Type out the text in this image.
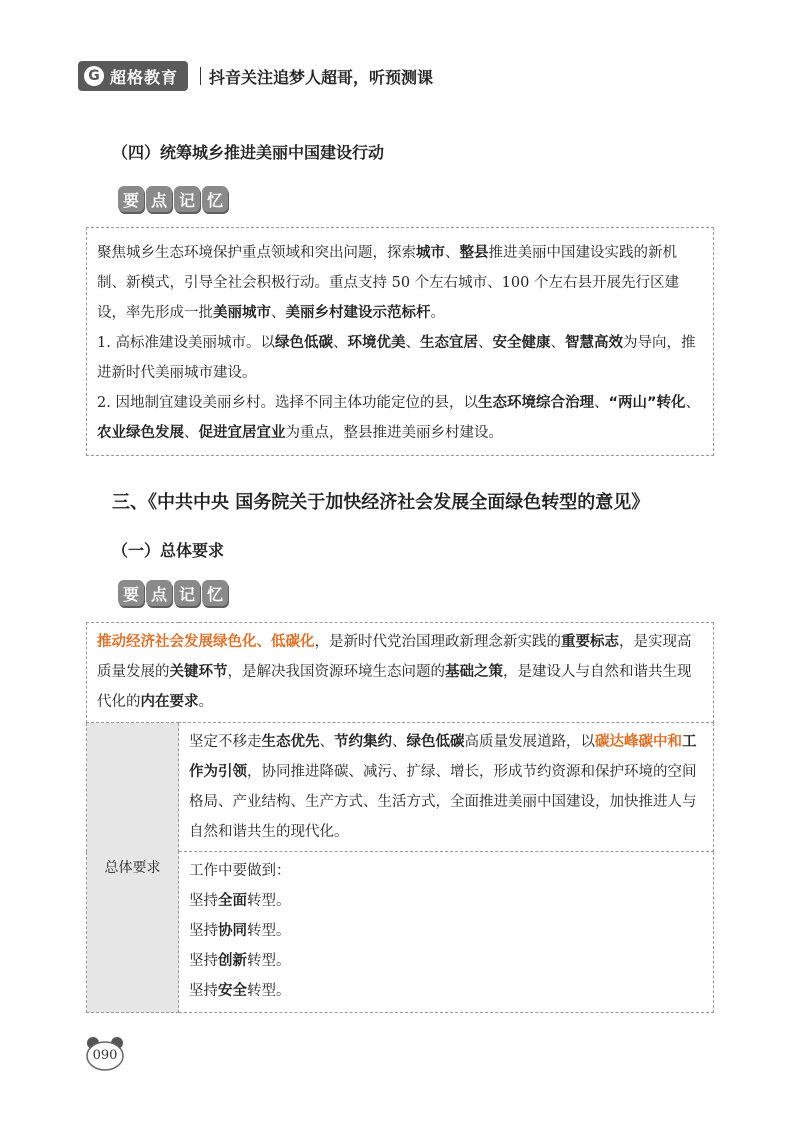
G 超格教育 抖音关注追梦人超哥，听预测课
（四）统筹城乡推进美丽中国建设行动
要 点 记 忆

聚焦城乡生态环境保护重点领域和突出问题，探索城市、整县推进美丽中国建设实践的新机制、新模式，引导全社会积极行动。重点支持 50 个左右城市、100 个左右县开展先行区建设，率先形成一批美丽城市、美丽乡村建设示范标杆。

1. 高标准建设美丽城市。以绿色低碳、环境优美、生态宜居、安全健康、智慧高效为导向，推进新时代美丽城市建设。

2. 因地制宜建设美丽乡村。选择不同主体功能定位的县，以生态环境综合治理、“两山”转化、农业绿色发展、促进宜居宜业为重点，整县推进美丽乡村建设。

三、《中共中央 国务院关于加快经济社会发展全面绿色转型的意见》
（一）总体要求
要 点 记 忆
推动经济社会发展绿色化、低碳化，是新时代党治国理政新理念新实践的重要标志，是实现高质量发展的关键环节，是解决我国资源环境生态问题的基础之策，是建设人与自然和谐共生现代化的内在要求。
总体要求	坚定不移走生态优先、节约集约、绿色低碳高质量发展道路，以碳达峰碳中和工作为引领，协同推进降碳、减污、扩绿、增长，形成节约资源和保护环境的空间格局、产业结构、生产方式、生活方式，全面推进美丽中国建设，加快推进人与自然和谐共生的现代化。

工作中要做到：
坚持全面转型。
坚持协同转型。
坚持创新转型。
坚持安全转型。
090
